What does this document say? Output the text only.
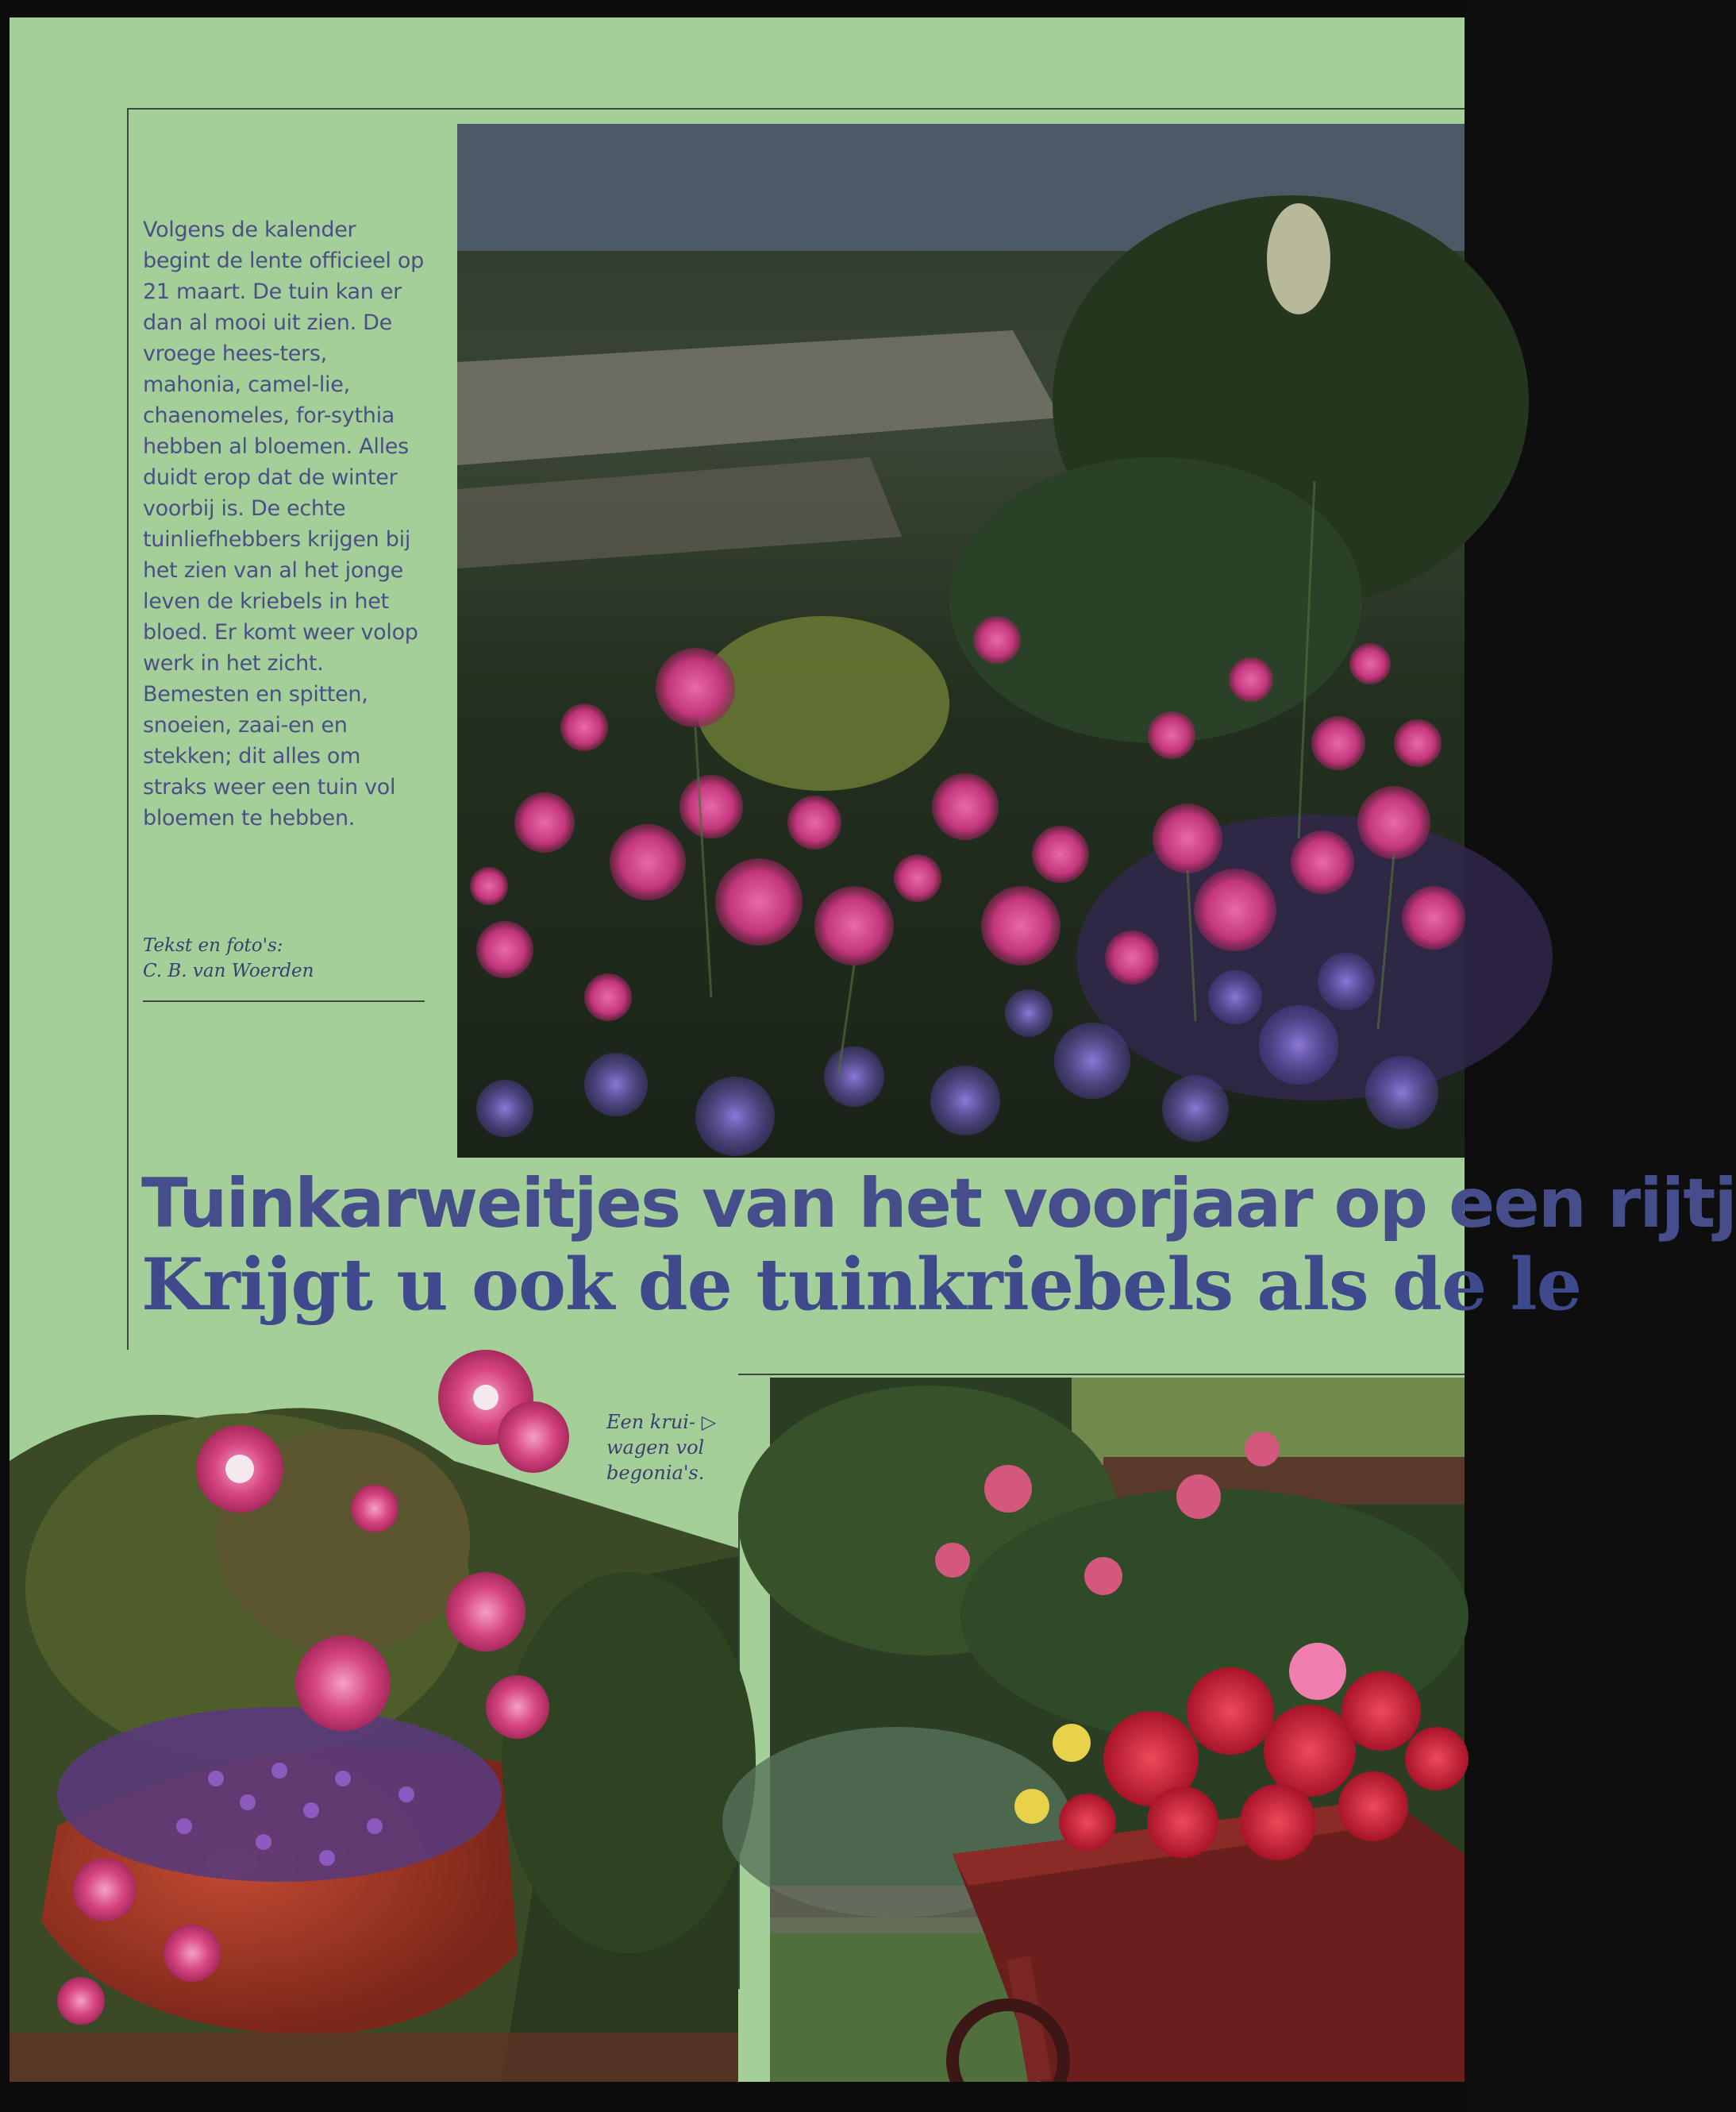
Volgens de kalender begint de lente officieel op 21 maart. De tuin kan er dan al mooi uit zien. De vroege hees-ters, mahonia, camel-lie, chaenomeles, for-sythia hebben al bloemen. Alles duidt erop dat de winter voorbij is. De echte tuinliefhebbers krijgen bij het zien van al het jonge leven de kriebels in het bloed. Er komt weer volop werk in het zicht. Bemesten en spitten, snoeien, zaai-en en stekken; dit alles om straks weer een tuin vol bloemen te hebben.

Tekst en foto's:
C. B. van Woerden

Tuinkarweitjes van het voorjaar op een rijtj
Krijgt u ook de tuinkriebels als de le

Een krui- ▷
wagen vol
begonia's.
